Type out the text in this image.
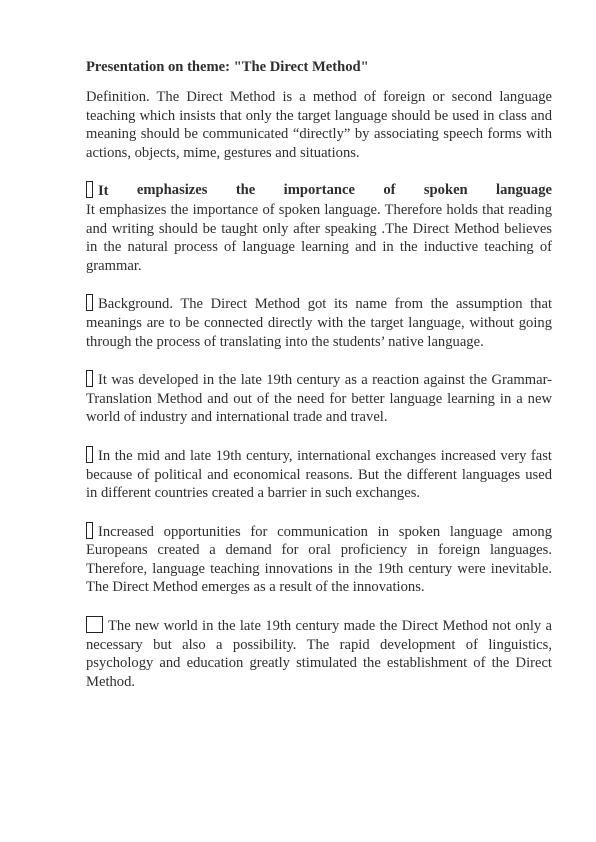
Presentation on theme: "The Direct Method"

Definition. The Direct Method is a method of foreign or second language teaching which insists that only the target language should be used in class and meaning should be communicated “directly” by associating speech forms with actions, objects, mime, gestures and situations.

It emphasizes the importance of spoken language
It emphasizes the importance of spoken language. Therefore holds that reading and writing should be taught only after speaking .The Direct Method believes in the natural process of language learning and in the inductive teaching of grammar.

Background. The Direct Method got its name from the assumption that meanings are to be connected directly with the target language, without going through the process of translating into the students’ native language.

It was developed in the late 19th century as a reaction against the Grammar-Translation Method and out of the need for better language learning in a new world of industry and international trade and travel.

In the mid and late 19th century, international exchanges increased very fast because of political and economical reasons. But the different languages used in different countries created a barrier in such exchanges.

Increased opportunities for communication in spoken language among Europeans created a demand for oral proficiency in foreign languages. Therefore, language teaching innovations in the 19th century were inevitable. The Direct Method emerges as a result of the innovations.

The new world in the late 19th century made the Direct Method not only a necessary but also a possibility. The rapid development of linguistics, psychology and education greatly stimulated the establishment of the Direct Method.
